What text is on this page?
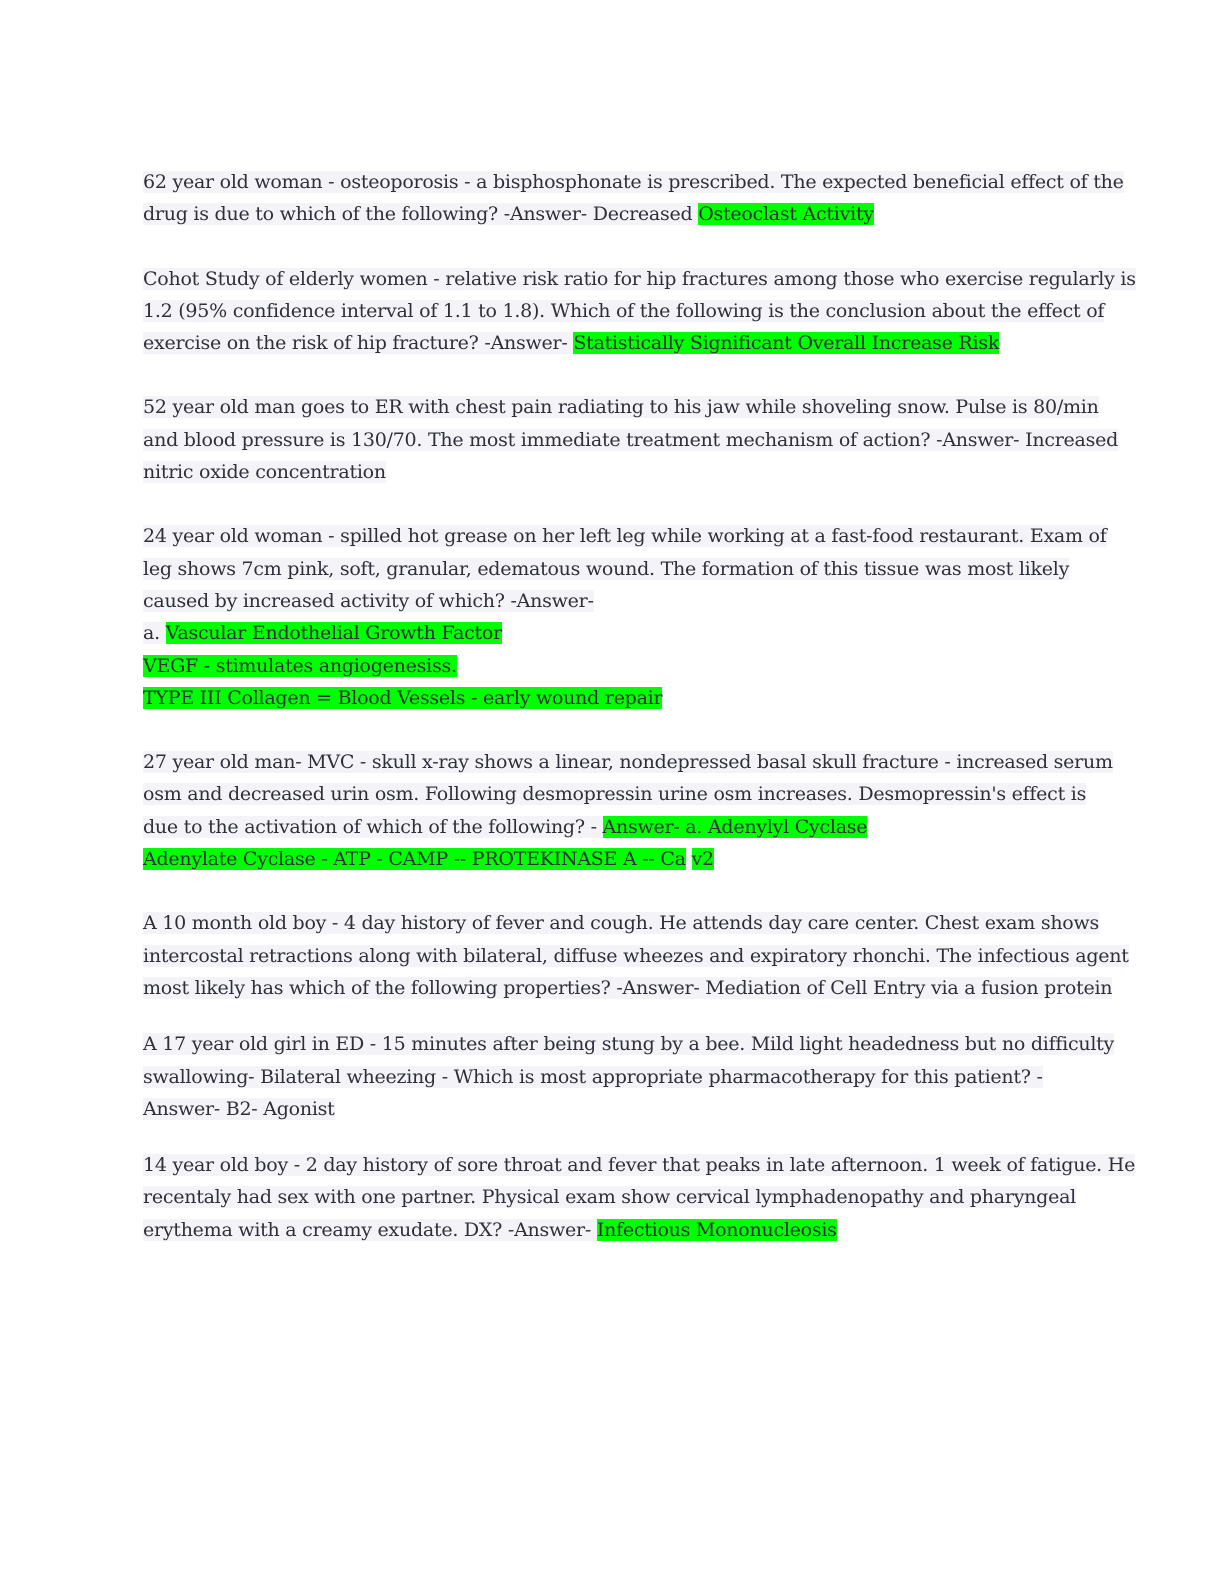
62 year old woman - osteoporosis - a bisphosphonate is prescribed. The expected beneficial effect of the
drug is due to which of the following? -Answer- Decreased Osteoclast Activity
Cohot Study of elderly women - relative risk ratio for hip fractures among those who exercise regularly is
1.2 (95% confidence interval of 1.1 to 1.8). Which of the following is the conclusion about the effect of
exercise on the risk of hip fracture? -Answer- Statistically Significant Overall Increase Risk
52 year old man goes to ER with chest pain radiating to his jaw while shoveling snow. Pulse is 80/min
and blood pressure is 130/70. The most immediate treatment mechanism of action? -Answer- Increased
nitric oxide concentration
24 year old woman - spilled hot grease on her left leg while working at a fast-food restaurant. Exam of
leg shows 7cm pink, soft, granular, edematous wound. The formation of this tissue was most likely
caused by increased activity of which? -Answer-
a. Vascular Endothelial Growth Factor
VEGF - stimulates angiogenesiss.
TYPE III Collagen = Blood Vessels - early wound repair
27 year old man- MVC - skull x-ray shows a linear, nondepressed basal skull fracture - increased serum
osm and decreased urin osm. Following desmopressin urine osm increases. Desmopressin's effect is
due to the activation of which of the following? - Answer- a. Adenylyl Cyclase
Adenylate Cyclase - ATP - CAMP -- PROTEKINASE A -- Ca v2
A 10 month old boy - 4 day history of fever and cough. He attends day care center. Chest exam shows
intercostal retractions along with bilateral, diffuse wheezes and expiratory rhonchi. The infectious agent
most likely has which of the following properties? -Answer- Mediation of Cell Entry via a fusion protein
A 17 year old girl in ED - 15 minutes after being stung by a bee. Mild light headedness but no difficulty
swallowing- Bilateral wheezing - Which is most appropriate pharmacotherapy for this patient? -
Answer- B2- Agonist
14 year old boy - 2 day history of sore throat and fever that peaks in late afternoon. 1 week of fatigue. He
recentaly had sex with one partner. Physical exam show cervical lymphadenopathy and pharyngeal
erythema with a creamy exudate. DX? -Answer- Infectious Mononucleosis
